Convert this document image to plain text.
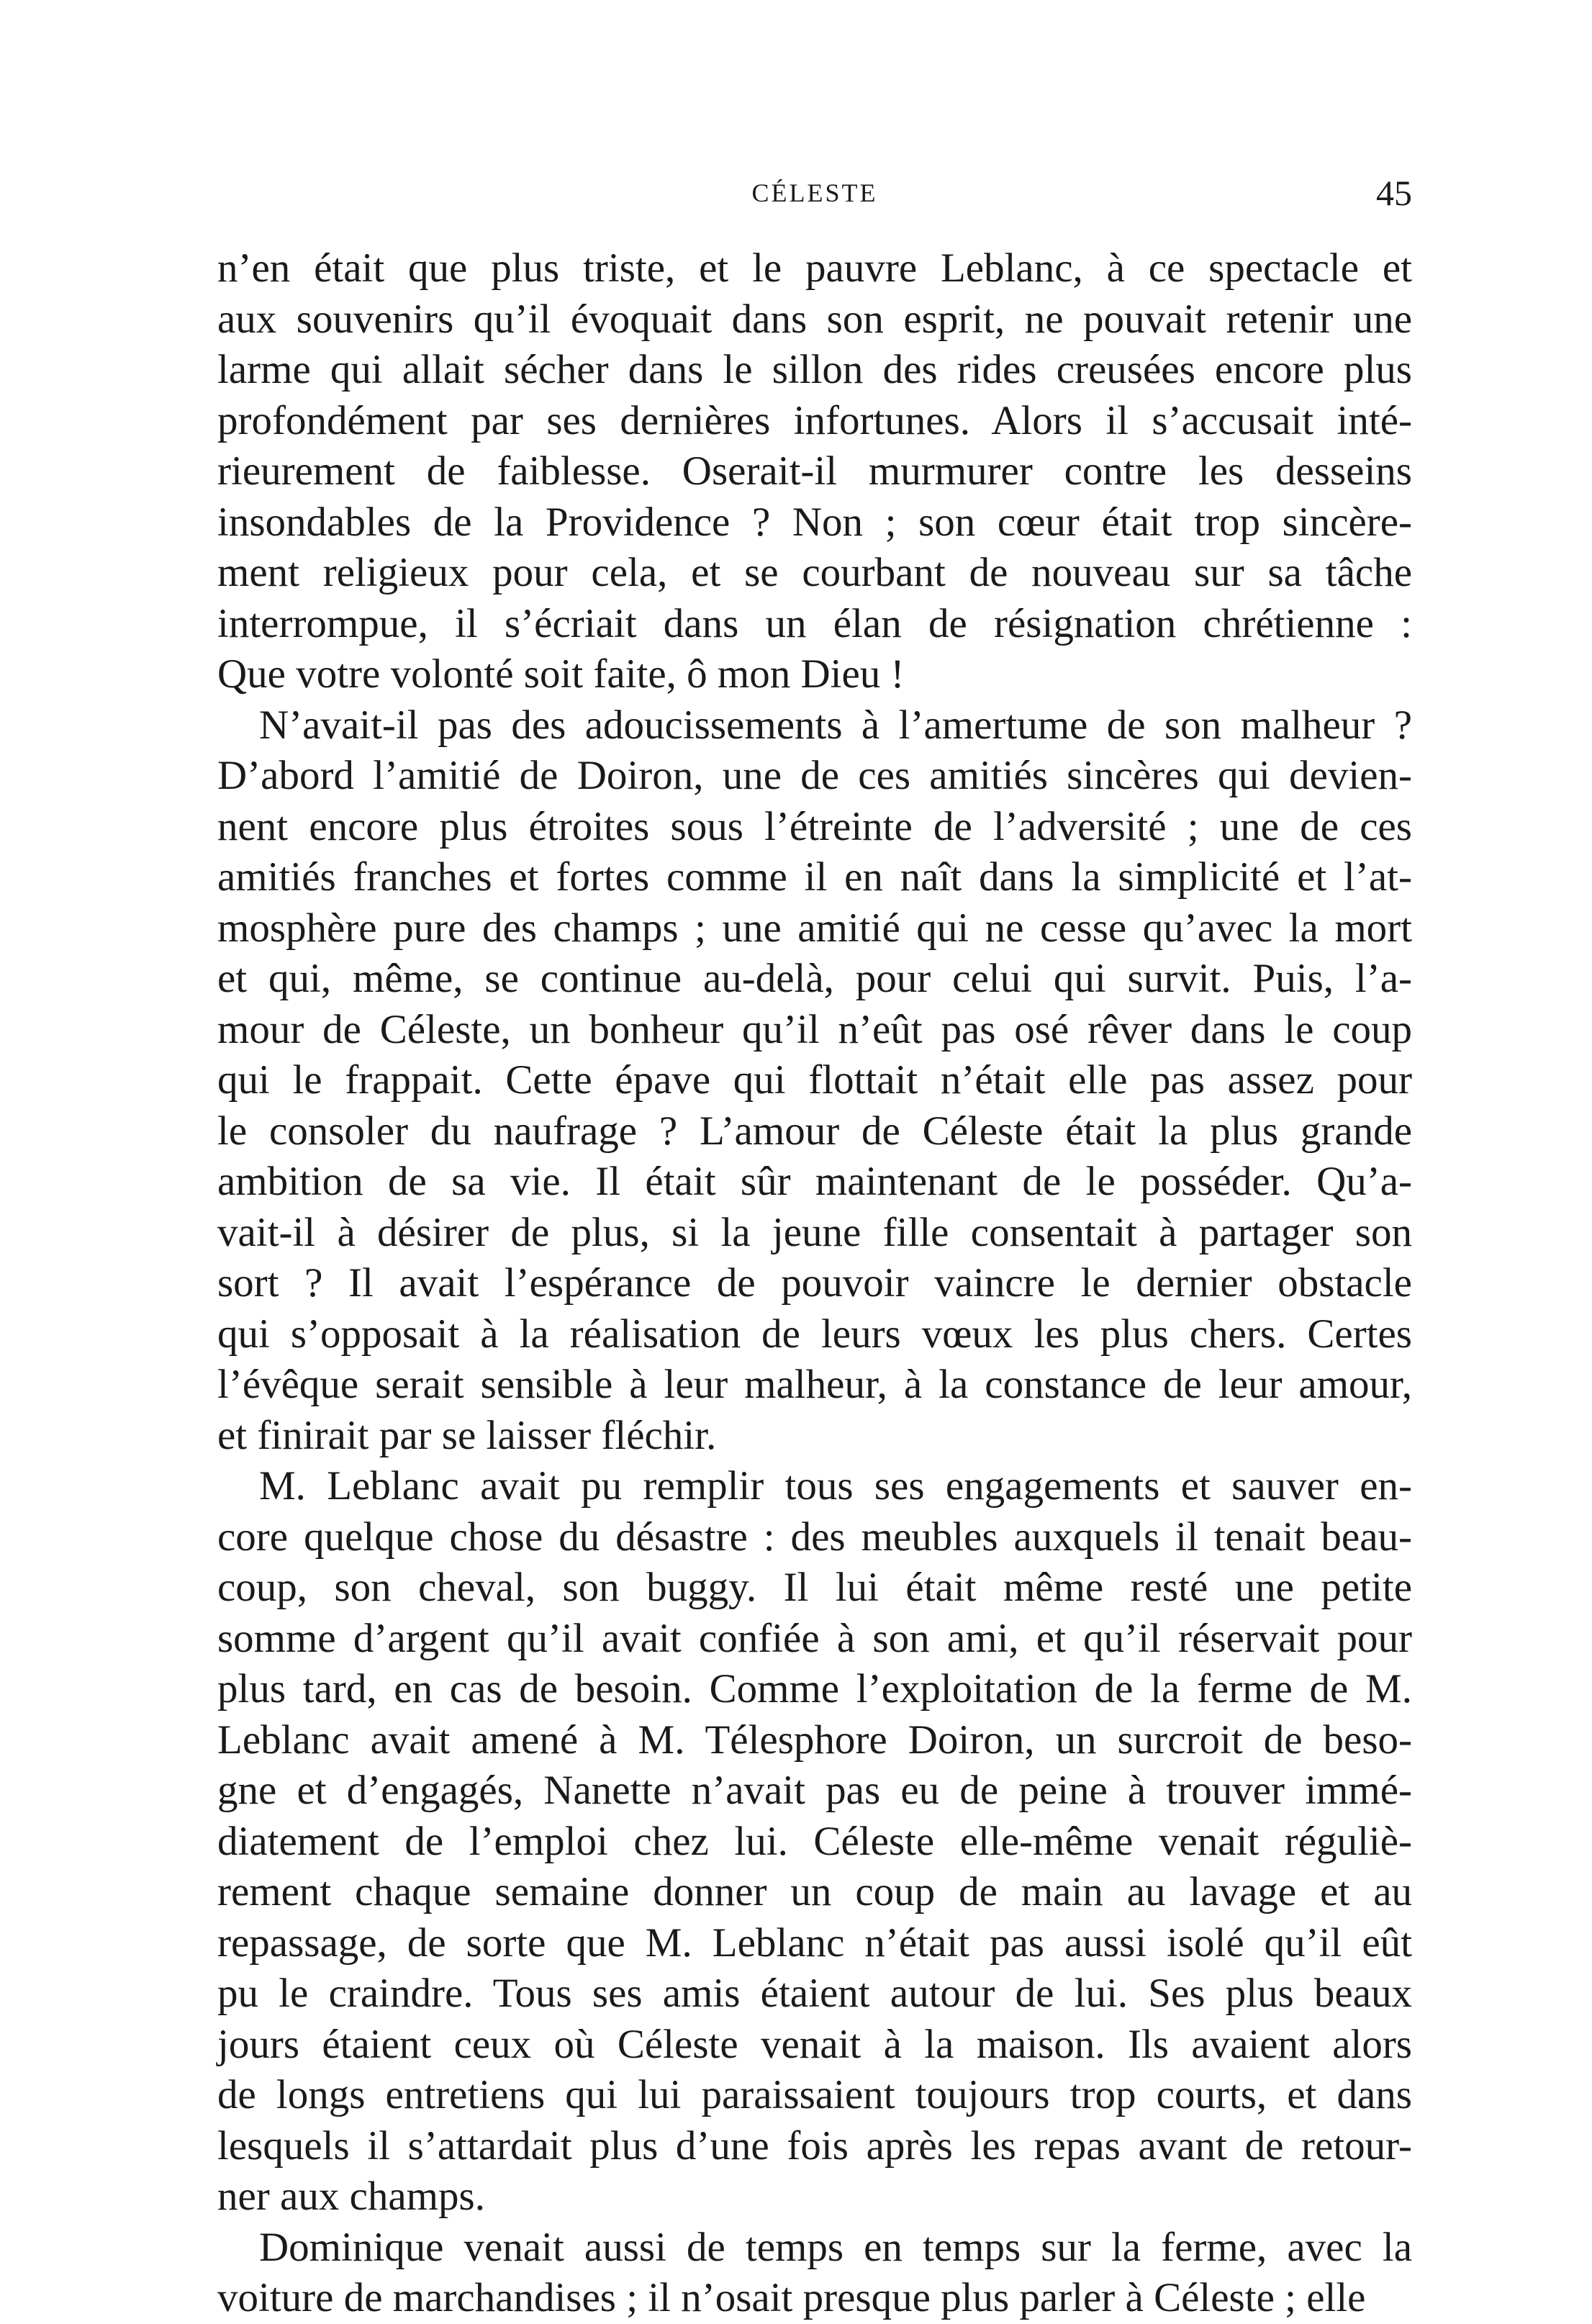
CÉLESTE	45

n’en était que plus triste, et le pauvre Leblanc, à ce spectacle et
aux souvenirs qu’il évoquait dans son esprit, ne pouvait retenir une
larme qui allait sécher dans le sillon des rides creusées encore plus
profondément par ses dernières infortunes. Alors il s’accusait inté-
rieurement de faiblesse. Oserait-il murmurer contre les desseins
insondables de la Providence ? Non ; son cœur était trop sincère-
ment religieux pour cela, et se courbant de nouveau sur sa tâche
interrompue, il s’écriait dans un élan de résignation chrétienne :
Que votre volonté soit faite, ô mon Dieu !

N’avait-il pas des adoucissements à l’amertume de son malheur ?
D’abord l’amitié de Doiron, une de ces amitiés sincères qui devien-
nent encore plus étroites sous l’étreinte de l’adversité ; une de ces
amitiés franches et fortes comme il en naît dans la simplicité et l’at-
mosphère pure des champs ; une amitié qui ne cesse qu’avec la mort
et qui, même, se continue au-delà, pour celui qui survit. Puis, l’a-
mour de Céleste, un bonheur qu’il n’eût pas osé rêver dans le coup
qui le frappait. Cette épave qui flottait n’était elle pas assez pour
le consoler du naufrage ? L’amour de Céleste était la plus grande
ambition de sa vie. Il était sûr maintenant de le posséder. Qu’a-
vait-il à désirer de plus, si la jeune fille consentait à partager son
sort ? Il avait l’espérance de pouvoir vaincre le dernier obstacle
qui s’opposait à la réalisation de leurs vœux les plus chers. Certes
l’évêque serait sensible à leur malheur, à la constance de leur amour,
et finirait par se laisser fléchir.

M. Leblanc avait pu remplir tous ses engagements et sauver en-
core quelque chose du désastre : des meubles auxquels il tenait beau-
coup, son cheval, son buggy. Il lui était même resté une petite
somme d’argent qu’il avait confiée à son ami, et qu’il réservait pour
plus tard, en cas de besoin. Comme l’exploitation de la ferme de M.
Leblanc avait amené à M. Télesphore Doiron, un surcroit de beso-
gne et d’engagés, Nanette n’avait pas eu de peine à trouver immé-
diatement de l’emploi chez lui. Céleste elle-même venait réguliè-
rement chaque semaine donner un coup de main au lavage et au
repassage, de sorte que M. Leblanc n’était pas aussi isolé qu’il eût
pu le craindre. Tous ses amis étaient autour de lui. Ses plus beaux
jours étaient ceux où Céleste venait à la maison. Ils avaient alors
de longs entretiens qui lui paraissaient toujours trop courts, et dans
lesquels il s’attardait plus d’une fois après les repas avant de retour-
ner aux champs.

Dominique venait aussi de temps en temps sur la ferme, avec la
voiture de marchandises ; il n’osait presque plus parler à Céleste ; elle
